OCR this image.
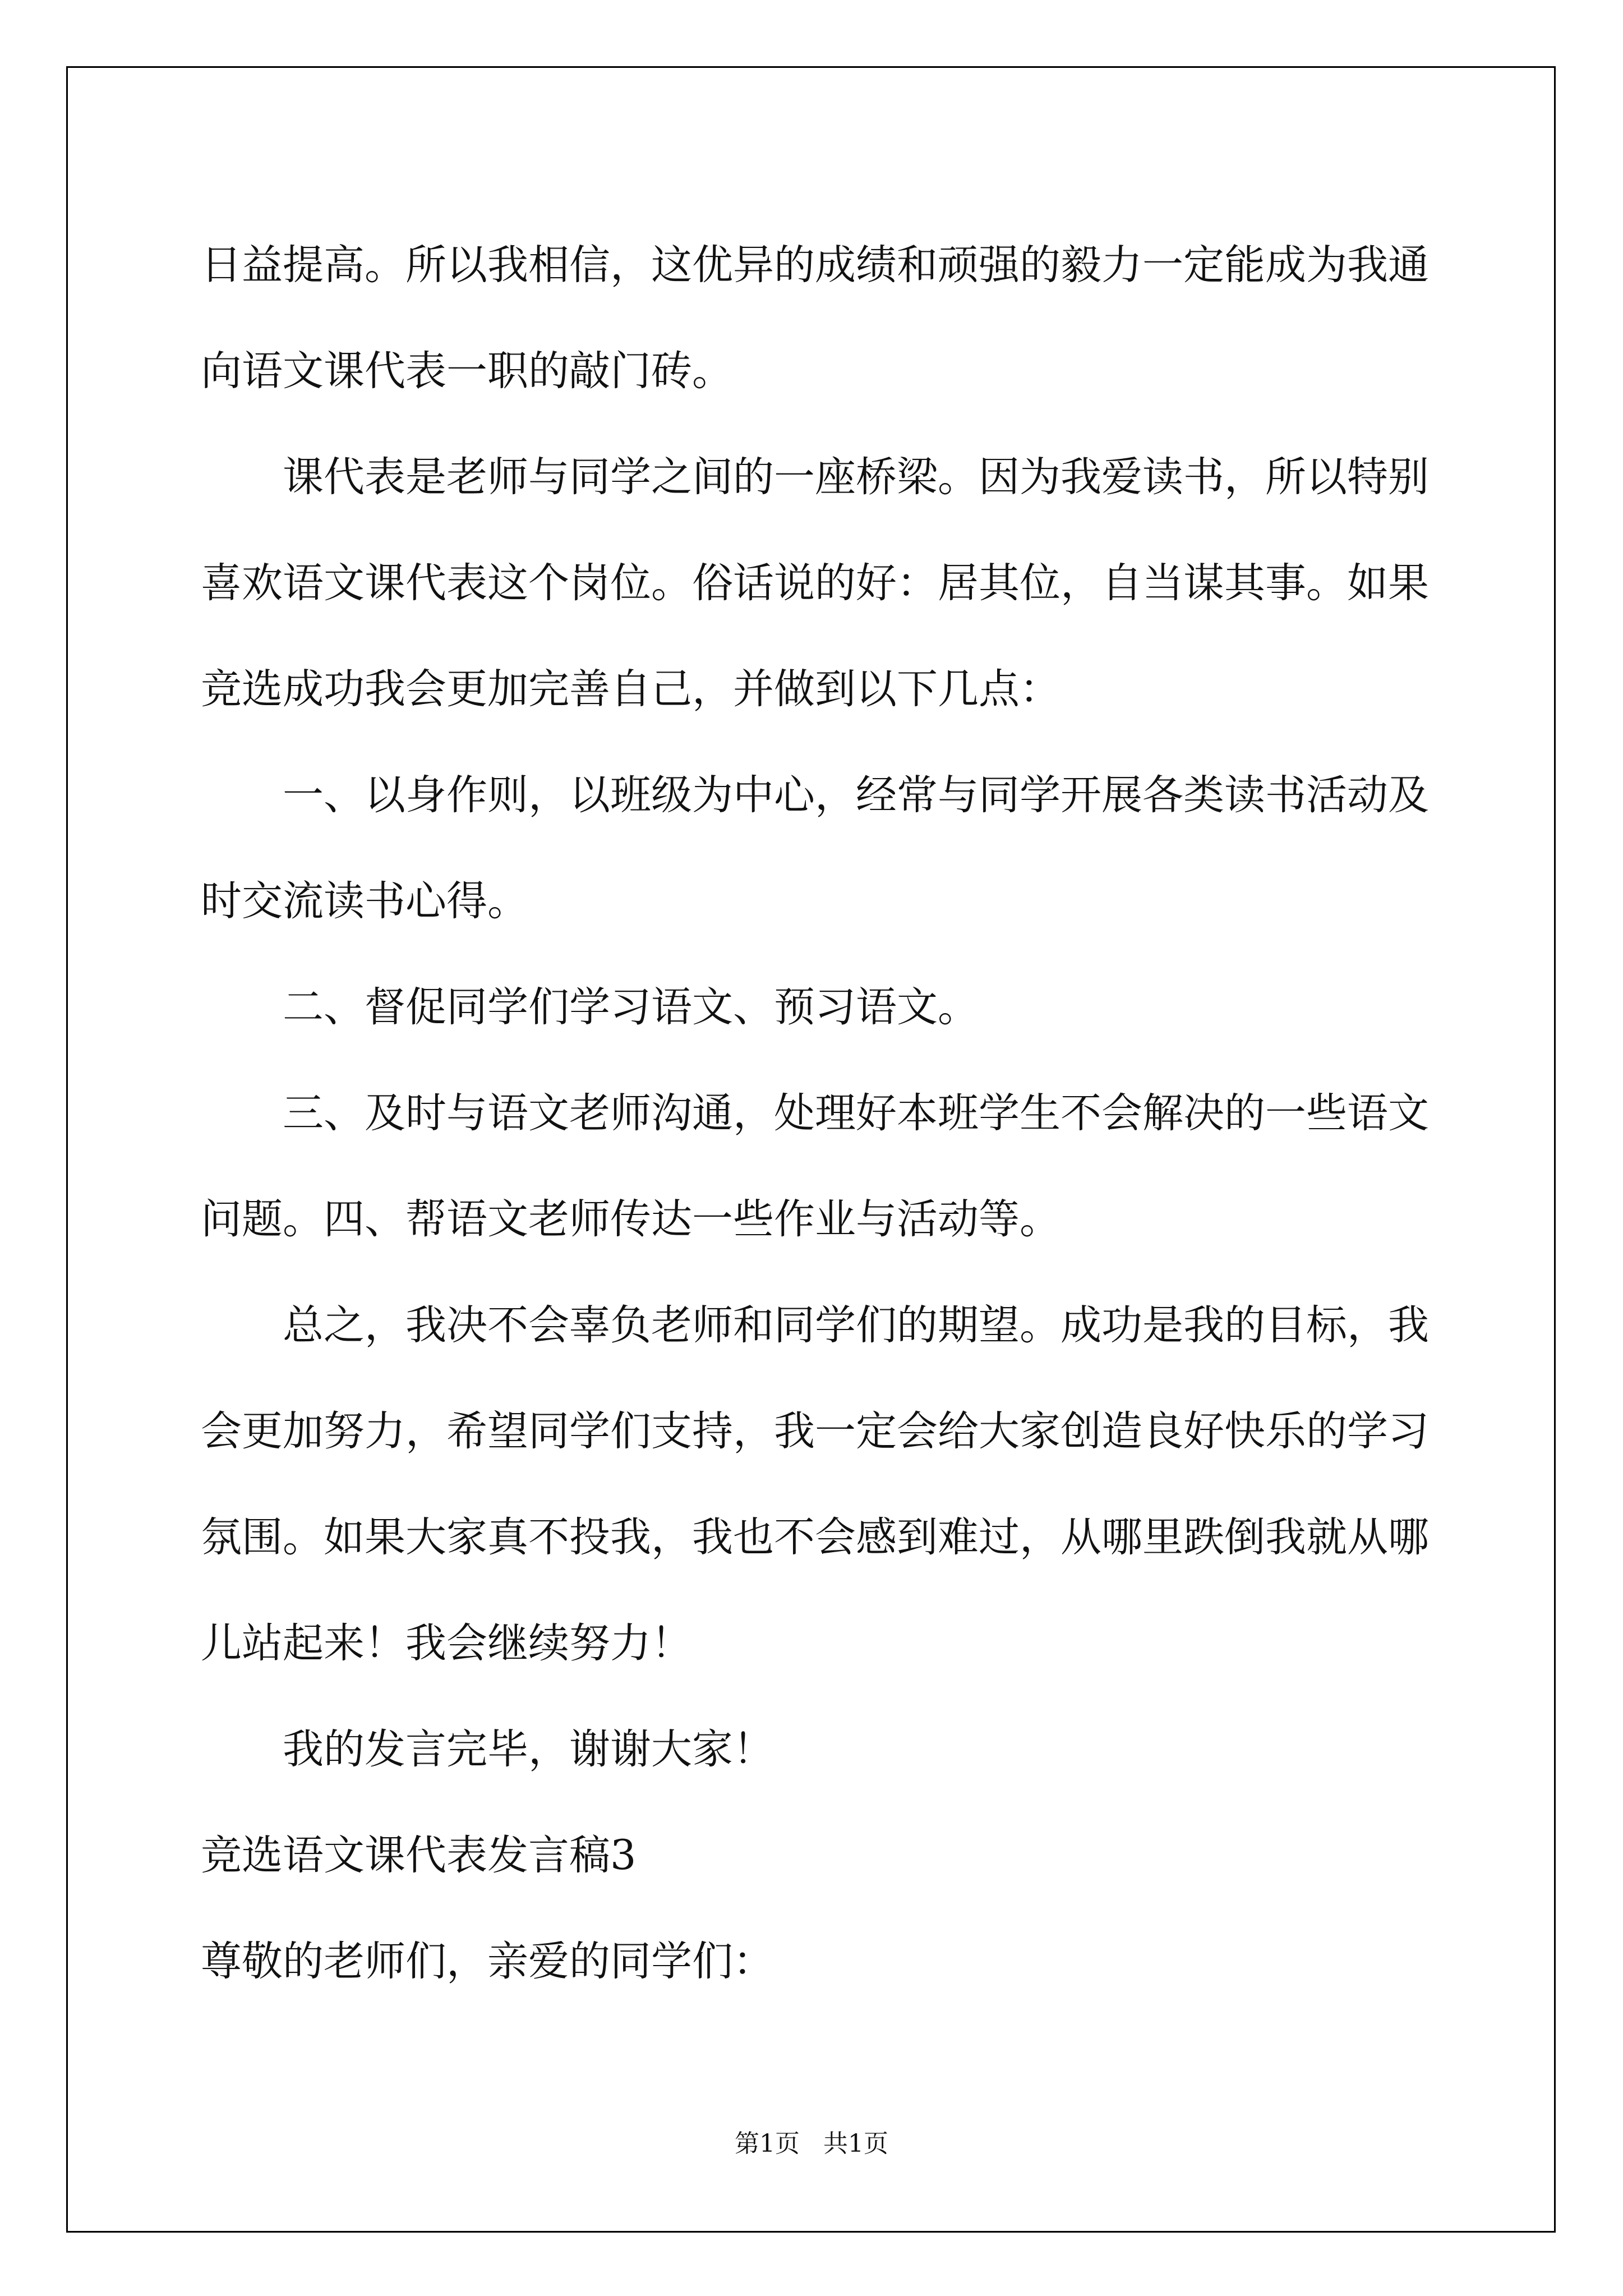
日益提高。所以我相信，这优异的成绩和顽强的毅力一定能成为我通向语文课代表一职的敲门砖。

课代表是老师与同学之间的一座桥梁。因为我爱读书，所以特别喜欢语文课代表这个岗位。俗话说的好：居其位，自当谋其事。如果竞选成功我会更加完善自己，并做到以下几点：

一、以身作则，以班级为中心，经常与同学开展各类读书活动及时交流读书心得。

二、督促同学们学习语文、预习语文。

三、及时与语文老师沟通，处理好本班学生不会解决的一些语文问题。四、帮语文老师传达一些作业与活动等。

总之，我决不会辜负老师和同学们的期望。成功是我的目标，我会更加努力，希望同学们支持，我一定会给大家创造良好快乐的学习氛围。如果大家真不投我，我也不会感到难过，从哪里跌倒我就从哪儿站起来！我会继续努力！

我的发言完毕，谢谢大家！

竞选语文课代表发言稿3

尊敬的老师们，亲爱的同学们：

第1页   共1页
